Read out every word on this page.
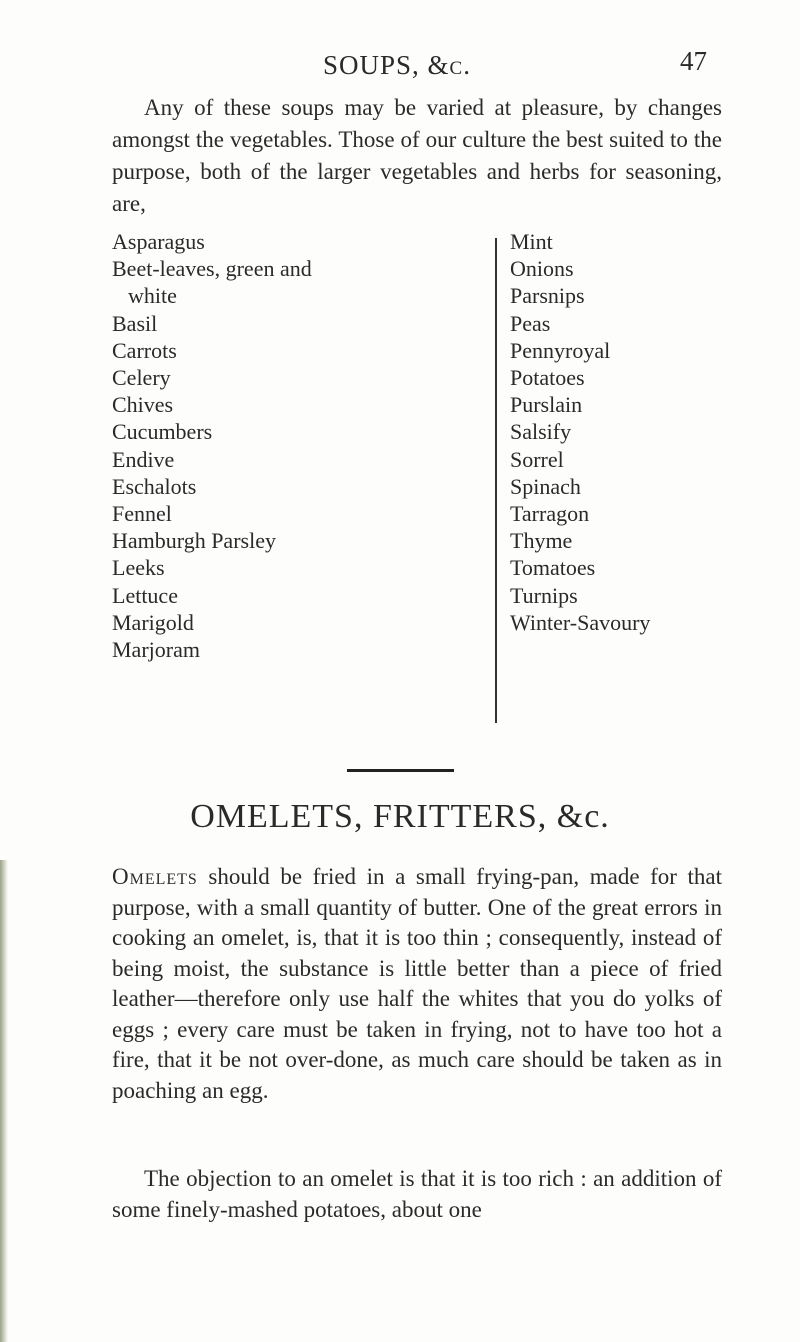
SOUPS, &c.	47

Any of these soups may be varied at pleasure, by changes amongst the vegetables. Those of our culture the best suited to the purpose, both of the larger vegetables and herbs for seasoning, are,

Asparagus
Beet-leaves, green and
white
Basil
Carrots
Celery
Chives
Cucumbers
Endive
Eschalots
Fennel
Hamburgh Parsley
Leeks
Lettuce
Marigold
Marjoram
Mint
Onions
Parsnips
Peas
Pennyroyal
Potatoes
Purslain
Salsify
Sorrel
Spinach
Tarragon
Thyme
Tomatoes
Turnips
Winter-Savoury
OMELETS, FRITTERS, &c.

Omelets should be fried in a small frying-pan, made for that purpose, with a small quantity of butter. One of the great errors in cooking an omelet, is, that it is too thin ; consequently, instead of being moist, the substance is little better than a piece of fried leather—therefore only use half the whites that you do yolks of eggs ; every care must be taken in frying, not to have too hot a fire, that it be not over-done, as much care should be taken as in poaching an egg.

The objection to an omelet is that it is too rich : an addition of some finely-mashed potatoes, about one
